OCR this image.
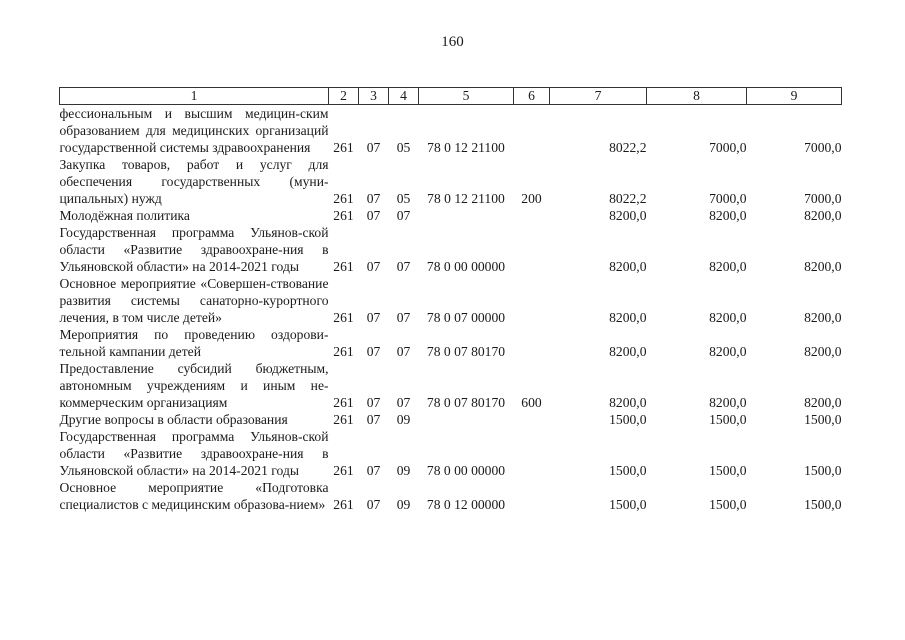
160
1	2	3	4	5	6	7	8	9
фессиональным и высшим медицин-ским образованием для медицинских организаций государственной системы здравоохранения	261	07	05	78 0 12 21100		8022,2	7000,0	7000,0
Закупка товаров, работ и услуг для обеспечения государственных (муни-ципальных) нужд	261	07	05	78 0 12 21100	200	8022,2	7000,0	7000,0
Молодёжная политика	261	07	07			8200,0	8200,0	8200,0
Государственная программа Ульянов-ской области «Развитие здравоохране-ния в Ульяновской области» на 2014-2021 годы	261	07	07	78 0 00 00000		8200,0	8200,0	8200,0
Основное мероприятие «Совершен-ствование развития системы санаторно-курортного лечения, в том числе детей»	261	07	07	78 0 07 00000		8200,0	8200,0	8200,0
Мероприятия по проведению оздорови-тельной кампании детей	261	07	07	78 0 07 80170		8200,0	8200,0	8200,0
Предоставление субсидий бюджетным, автономным учреждениям и иным не-коммерческим организациям	261	07	07	78 0 07 80170	600	8200,0	8200,0	8200,0
Другие вопросы в области образования	261	07	09			1500,0	1500,0	1500,0
Государственная программа Ульянов-ской области «Развитие здравоохране-ния в Ульяновской области» на 2014-2021 годы	261	07	09	78 0 00 00000		1500,0	1500,0	1500,0
Основное мероприятие «Подготовка специалистов с медицинским образова-нием»	261	07	09	78 0 12 00000		1500,0	1500,0	1500,0
